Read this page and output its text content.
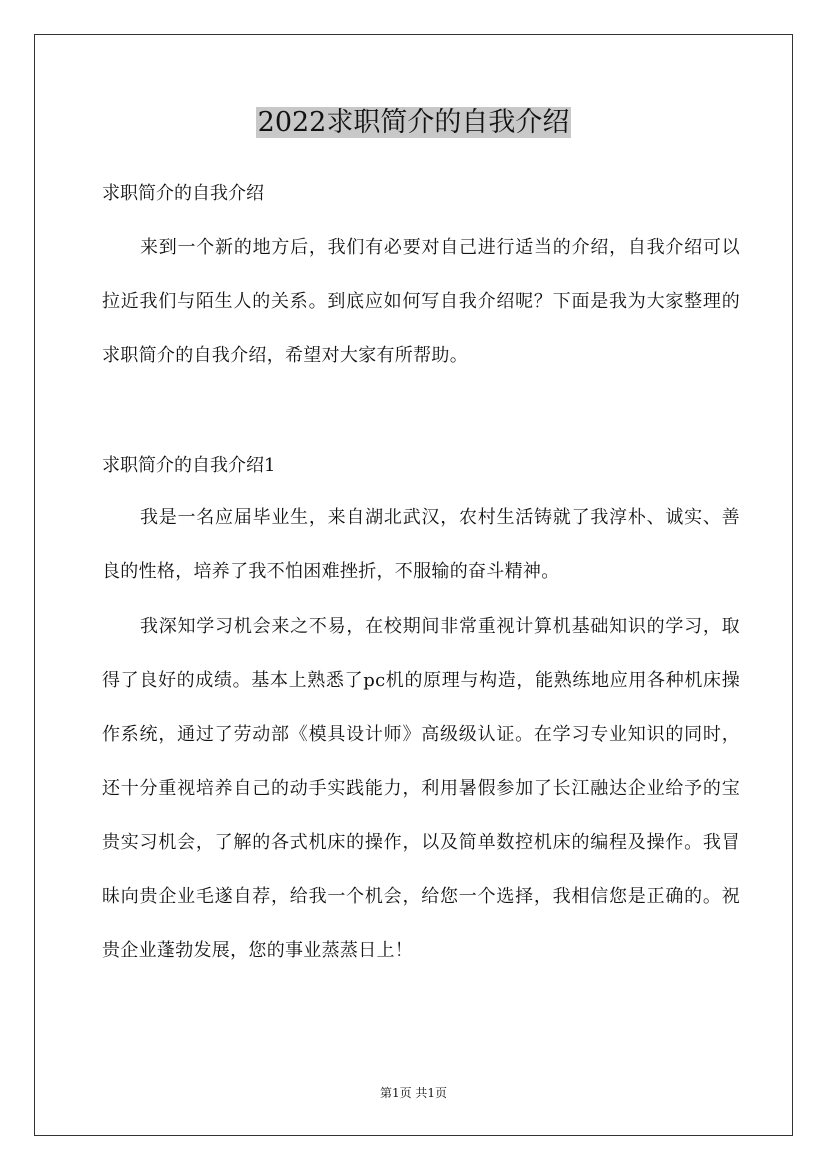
2022求职简介的自我介绍
求职简介的自我介绍
来到一个新的地方后，我们有必要对自己进行适当的介绍，自我介绍可以拉近我们与陌生人的关系。到底应如何写自我介绍呢？下面是我为大家整理的求职简介的自我介绍，希望对大家有所帮助。
求职简介的自我介绍1
我是一名应届毕业生，来自湖北武汉，农村生活铸就了我淳朴、诚实、善良的性格，培养了我不怕困难挫折，不服输的奋斗精神。
我深知学习机会来之不易，在校期间非常重视计算机基础知识的学习，取得了良好的成绩。基本上熟悉了pc机的原理与构造，能熟练地应用各种机床操作系统，通过了劳动部《模具设计师》高级级认证。在学习专业知识的同时，还十分重视培养自己的动手实践能力，利用暑假参加了长江融达企业给予的宝贵实习机会，了解的各式机床的操作，以及简单数控机床的编程及操作。我冒昧向贵企业毛遂自荐，给我一个机会，给您一个选择，我相信您是正确的。祝贵企业蓬勃发展，您的事业蒸蒸日上！
第1页 共1页
